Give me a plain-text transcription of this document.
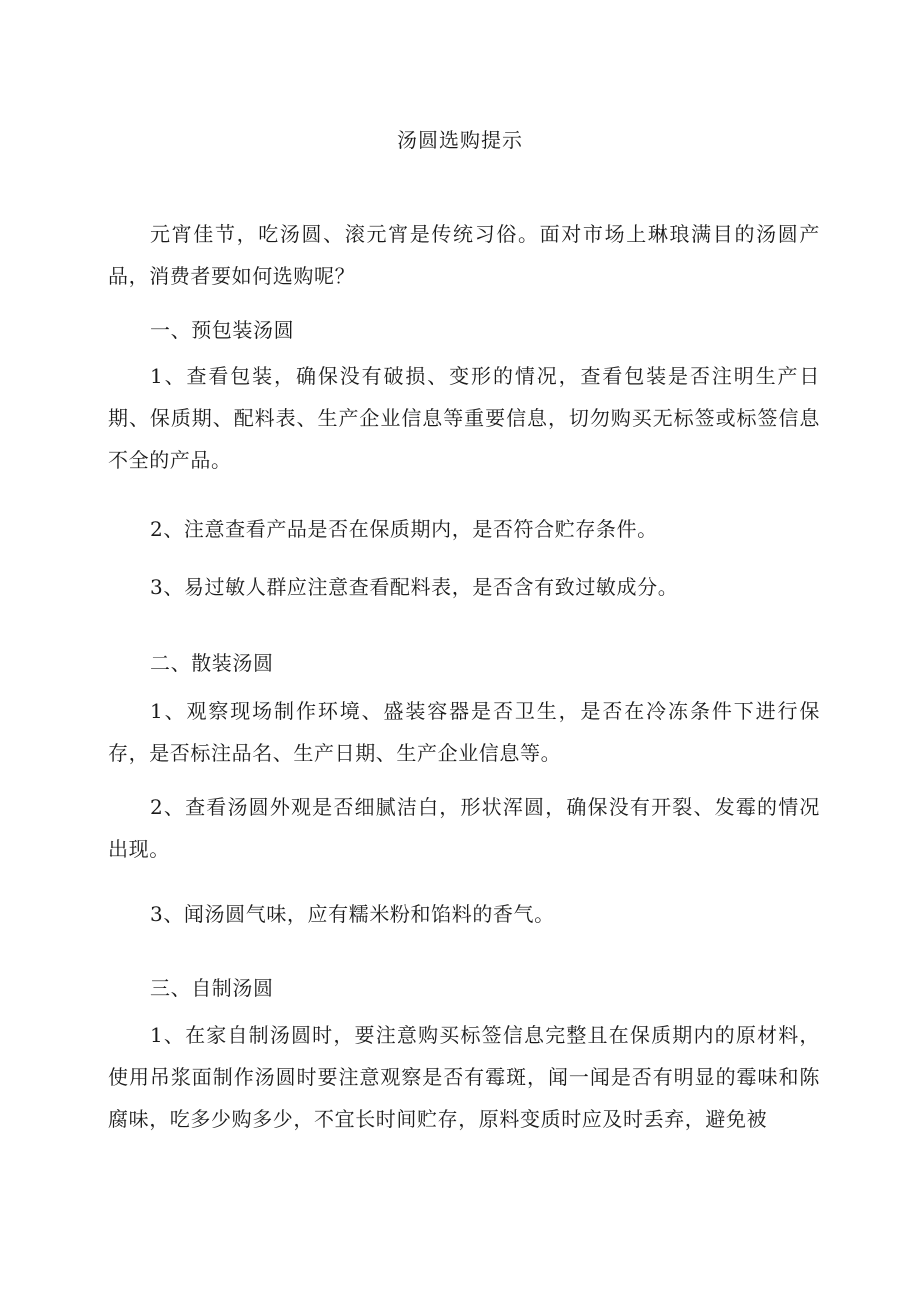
汤圆选购提示

元宵佳节，吃汤圆、滚元宵是传统习俗。面对市场上琳琅满目的汤圆产品，消费者要如何选购呢？

一、预包装汤圆

1、查看包装，确保没有破损、变形的情况，查看包装是否注明生产日期、保质期、配料表、生产企业信息等重要信息，切勿购买无标签或标签信息不全的产品。

2、注意查看产品是否在保质期内，是否符合贮存条件。

3、易过敏人群应注意查看配料表，是否含有致过敏成分。

二、散装汤圆

1、观察现场制作环境、盛装容器是否卫生，是否在冷冻条件下进行保存，是否标注品名、生产日期、生产企业信息等。

2、查看汤圆外观是否细腻洁白，形状浑圆，确保没有开裂、发霉的情况出现。

3、闻汤圆气味，应有糯米粉和馅料的香气。

三、自制汤圆

1、在家自制汤圆时，要注意购买标签信息完整且在保质期内的原材料，使用吊浆面制作汤圆时要注意观察是否有霉斑，闻一闻是否有明显的霉味和陈腐味，吃多少购多少，不宜长时间贮存，原料变质时应及时丢弃，避免被
